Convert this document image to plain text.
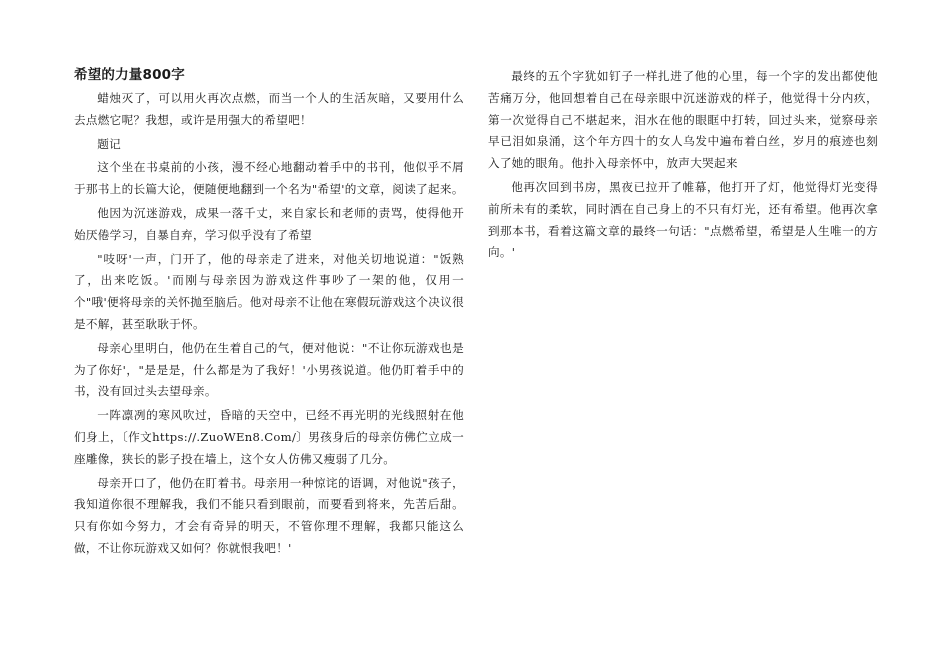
希望的力量800字

蜡烛灭了，可以用火再次点燃，而当一个人的生活灰暗，又要用什么去点燃它呢？我想，或许是用强大的希望吧！

题记

这个坐在书桌前的小孩，漫不经心地翻动着手中的书刊，他似乎不屑于那书上的长篇大论，便随便地翻到一个名为"希望'的文章，阅读了起来。

他因为沉迷游戏，成果一落千丈，来自家长和老师的责骂，使得他开始厌倦学习，自暴自弃，学习似乎没有了希望

"吱呀'一声，门开了，他的母亲走了进来，对他关切地说道："饭熟了，出来吃饭。'而刚与母亲因为游戏这件事吵了一架的他，仅用一个"哦'便将母亲的关怀抛至脑后。他对母亲不让他在寒假玩游戏这个决议很是不解，甚至耿耿于怀。

母亲心里明白，他仍在生着自己的气，便对他说："不让你玩游戏也是为了你好'，"是是是，什么都是为了我好！'小男孩说道。他仍盯着手中的书，没有回过头去望母亲。

一阵凛冽的寒风吹过，昏暗的天空中，已经不再光明的光线照射在他们身上，〔作文https://.ZuoWEn8.Com/〕男孩身后的母亲仿佛伫立成一座雕像，狭长的影子投在墙上，这个女人仿佛又瘦弱了几分。

母亲开口了，他仍在盯着书。母亲用一种惊诧的语调，对他说"孩子，我知道你很不理解我，我们不能只看到眼前，而要看到将来，先苦后甜。只有你如今努力，才会有奇异的明天，不管你理不理解，我都只能这么做，不让你玩游戏又如何？你就恨我吧！'

最终的五个字犹如钉子一样扎进了他的心里，每一个字的发出都使他苦痛万分，他回想着自己在母亲眼中沉迷游戏的样子，他觉得十分内疚，第一次觉得自己不堪起来，泪水在他的眼眶中打转，回过头来，觉察母亲早已泪如泉涌，这个年方四十的女人乌发中遍布着白丝，岁月的痕迹也刻入了她的眼角。他扑入母亲怀中，放声大哭起来

他再次回到书房，黑夜已拉开了帷幕，他打开了灯，他觉得灯光变得前所未有的柔软，同时洒在自己身上的不只有灯光，还有希望。他再次拿到那本书，看着这篇文章的最终一句话："点燃希望，希望是人生唯一的方向。'
